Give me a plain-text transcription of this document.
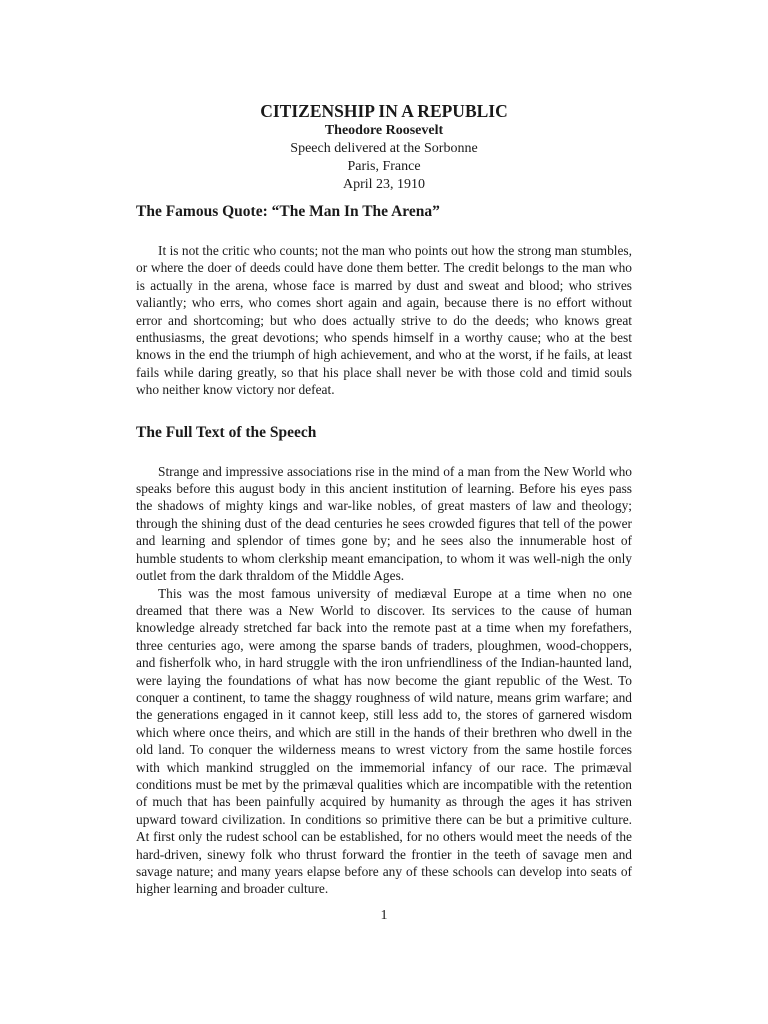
CITIZENSHIP IN A REPUBLIC

Theodore Roosevelt

Speech delivered at the Sorbonne

Paris, France

April 23, 1910

The Famous Quote: “The Man In The Arena”

It is not the critic who counts; not the man who points out how the strong man stumbles, or where the doer of deeds could have done them better. The credit belongs to the man who is actually in the arena, whose face is marred by dust and sweat and blood; who strives valiantly; who errs, who comes short again and again, because there is no effort without error and shortcoming; but who does actually strive to do the deeds; who knows great enthusiasms, the great devotions; who spends himself in a worthy cause; who at the best knows in the end the triumph of high achievement, and who at the worst, if he fails, at least fails while daring greatly, so that his place shall never be with those cold and timid souls who neither know victory nor defeat.

The Full Text of the Speech

Strange and impressive associations rise in the mind of a man from the New World who speaks before this august body in this ancient institution of learning. Before his eyes pass the shadows of mighty kings and war-like nobles, of great masters of law and theology; through the shining dust of the dead centuries he sees crowded figures that tell of the power and learning and splendor of times gone by; and he sees also the innumerable host of humble students to whom clerkship meant emancipation, to whom it was well-nigh the only outlet from the dark thraldom of the Middle Ages.

This was the most famous university of mediæval Europe at a time when no one dreamed that there was a New World to discover. Its services to the cause of human knowledge already stretched far back into the remote past at a time when my forefathers, three centuries ago, were among the sparse bands of traders, ploughmen, wood-choppers, and fisherfolk who, in hard struggle with the iron unfriendliness of the Indian-haunted land, were laying the foundations of what has now become the giant republic of the West. To conquer a continent, to tame the shaggy roughness of wild nature, means grim warfare; and the generations engaged in it cannot keep, still less add to, the stores of garnered wisdom which where once theirs, and which are still in the hands of their brethren who dwell in the old land. To conquer the wilderness means to wrest victory from the same hostile forces with which mankind struggled on the immemorial infancy of our race. The primæval conditions must be met by the primæval qualities which are incompatible with the retention of much that has been painfully acquired by humanity as through the ages it has striven upward toward civilization. In conditions so primitive there can be but a primitive culture. At first only the rudest school can be established, for no others would meet the needs of the hard-driven, sinewy folk who thrust forward the frontier in the teeth of savage men and savage nature; and many years elapse before any of these schools can develop into seats of higher learning and broader culture.

1
